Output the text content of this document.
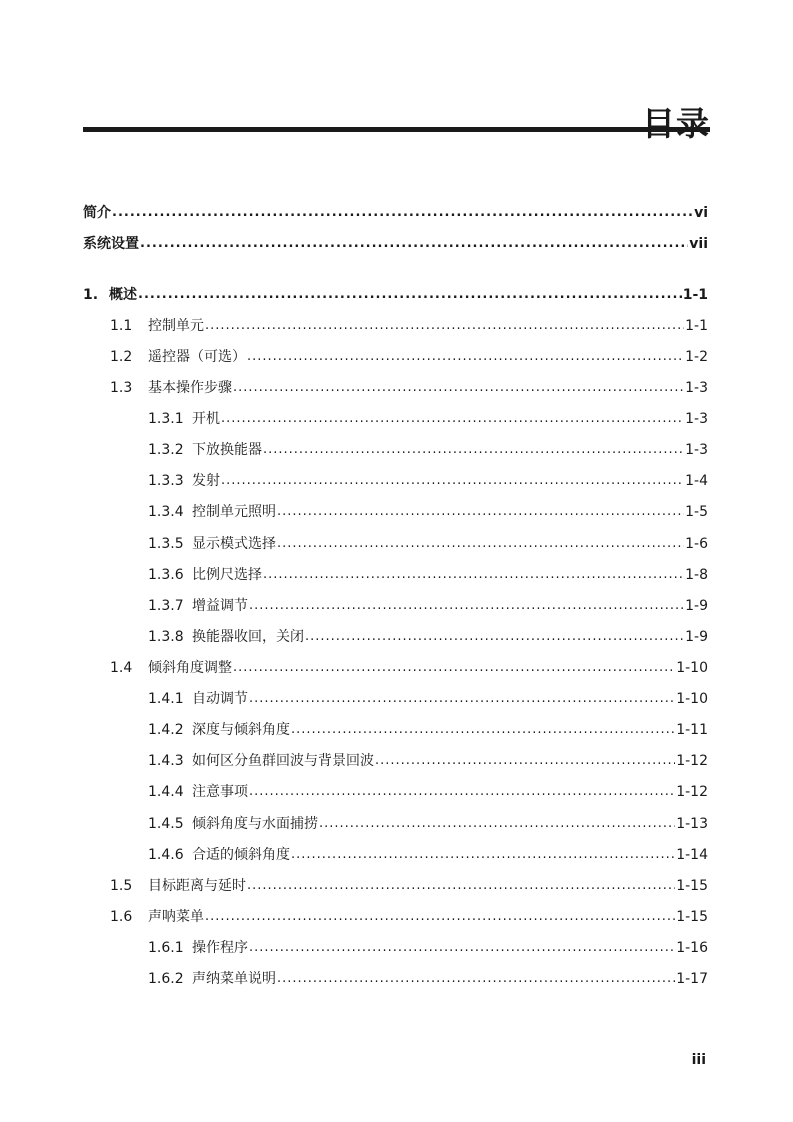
目录
简介 .....	vi
系统设置 .....	vii
1. 概述 .....	1-1
1.1	控制单元 .....	1-1
1.2	遥控器（可选） .....	1-2
1.3	基本操作步骤 .....	1-3
1.3.1 开机 .....	1-3
1.3.2 下放换能器 .....	1-3
1.3.3 发射 .....	1-4
1.3.4 控制单元照明 .....	1-5
1.3.5 显示模式选择 .....	1-6
1.3.6 比例尺选择 .....	1-8
1.3.7 增益调节 .....	1-9
1.3.8 换能器收回，关闭 .....	1-9
1.4	倾斜角度调整 .....	1-10
1.4.1 自动调节 .....	1-10
1.4.2 深度与倾斜角度 .....	1-11
1.4.3 如何区分鱼群回波与背景回波 .....	1-12
1.4.4 注意事项 .....	1-12
1.4.5 倾斜角度与水面捕捞 .....	1-13
1.4.6 合适的倾斜角度 .....	1-14
1.5	目标距离与延时 .....	1-15
1.6	声呐菜单 .....	1-15
1.6.1 操作程序 .....	1-16
1.6.2 声纳菜单说明 .....	1-17
iii
